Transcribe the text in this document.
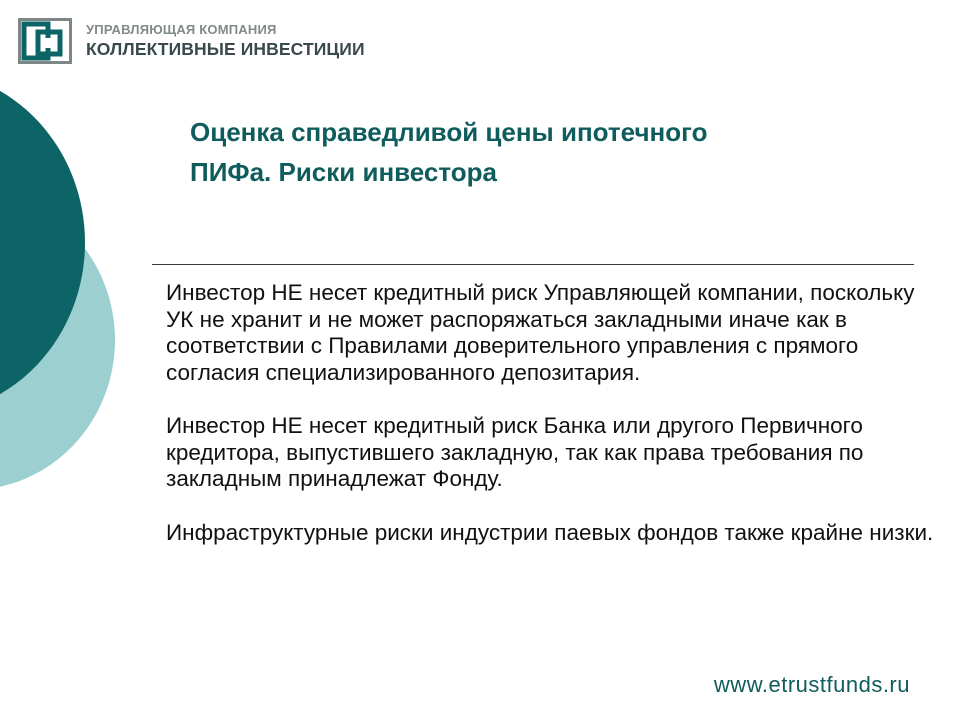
УПРАВЛЯЮЩАЯ КОМПАНИЯ
КОЛЛЕКТИВНЫЕ ИНВЕСТИЦИИ
Оценка справедливой цены ипотечного
ПИФа. Риски инвестора

Инвестор НЕ несет кредитный риск Управляющей компании, поскольку УК не хранит и не может распоряжаться закладными иначе как в соответствии с Правилами доверительного управления с прямого согласия специализированного депозитария.

Инвестор НЕ несет кредитный риск Банка или другого Первичного кредитора, выпустившего закладную, так как права требования по закладным принадлежат Фонду.

Инфраструктурные риски индустрии паевых фондов также крайне низки.

www.etrustfunds.ru
